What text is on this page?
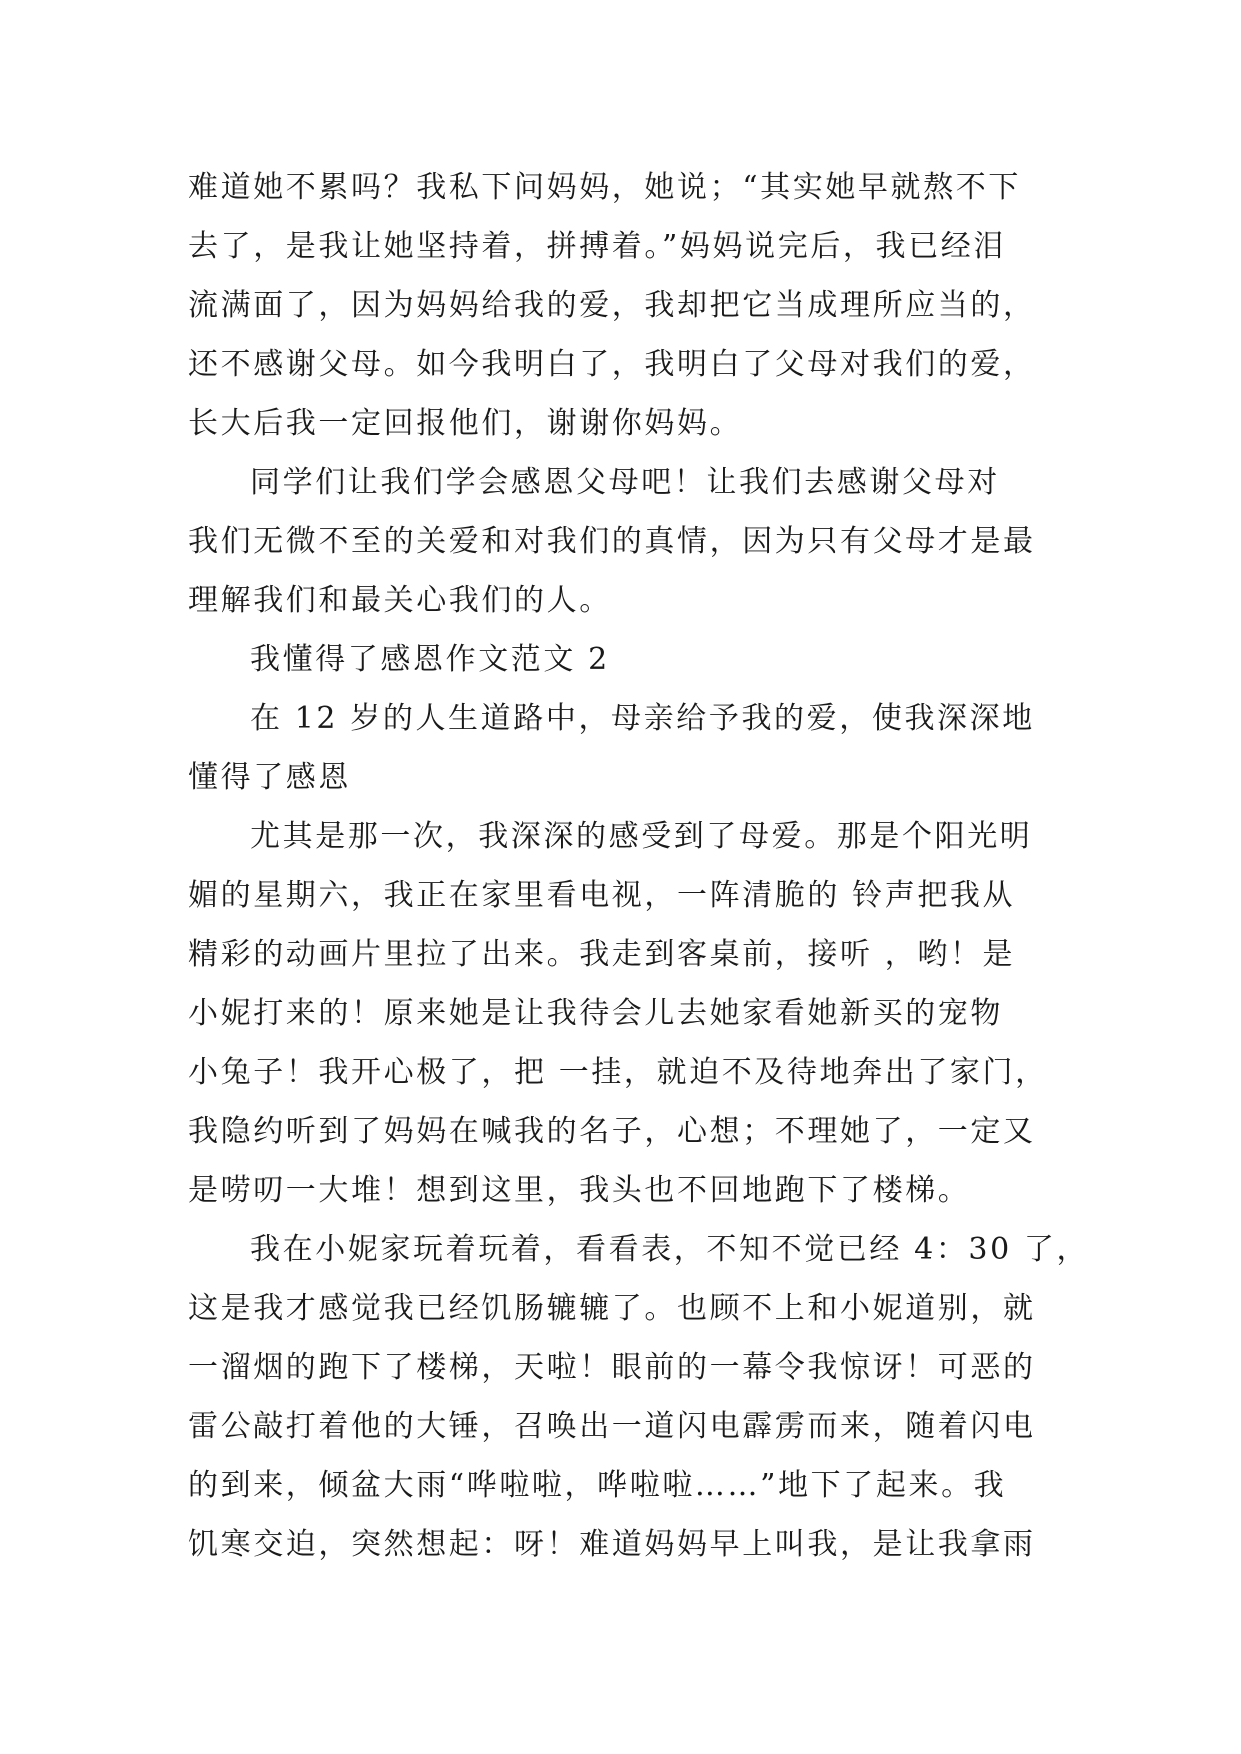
难道她不累吗？我私下问妈妈，她说；“其实她早就熬不下
去了，是我让她坚持着，拼搏着。”妈妈说完后，我已经泪
流满面了，因为妈妈给我的爱，我却把它当成理所应当的，
还不感谢父母。如今我明白了，我明白了父母对我们的爱，
长大后我一定回报他们，谢谢你妈妈。
同学们让我们学会感恩父母吧！让我们去感谢父母对
我们无微不至的关爱和对我们的真情，因为只有父母才是最
理解我们和最关心我们的人。
我懂得了感恩作文范文 2
在 12 岁的人生道路中，母亲给予我的爱，使我深深地
懂得了感恩
尤其是那一次，我深深的感受到了母爱。那是个阳光明
媚的星期六，我正在家里看电视，一阵清脆的 铃声把我从
精彩的动画片里拉了出来。我走到客桌前，接听 ，哟！是
小妮打来的！原来她是让我待会儿去她家看她新买的宠物
小兔子！我开心极了，把 一挂，就迫不及待地奔出了家门，
我隐约听到了妈妈在喊我的名子，心想；不理她了，一定又
是唠叨一大堆！想到这里，我头也不回地跑下了楼梯。
我在小妮家玩着玩着，看看表，不知不觉已经 4：30 了，
这是我才感觉我已经饥肠辘辘了。也顾不上和小妮道别，就
一溜烟的跑下了楼梯，天啦！眼前的一幕令我惊讶！可恶的
雷公敲打着他的大锤，召唤出一道闪电霹雳而来，随着闪电
的到来，倾盆大雨“哗啦啦，哗啦啦……”地下了起来。我
饥寒交迫，突然想起：呀！难道妈妈早上叫我，是让我拿雨
